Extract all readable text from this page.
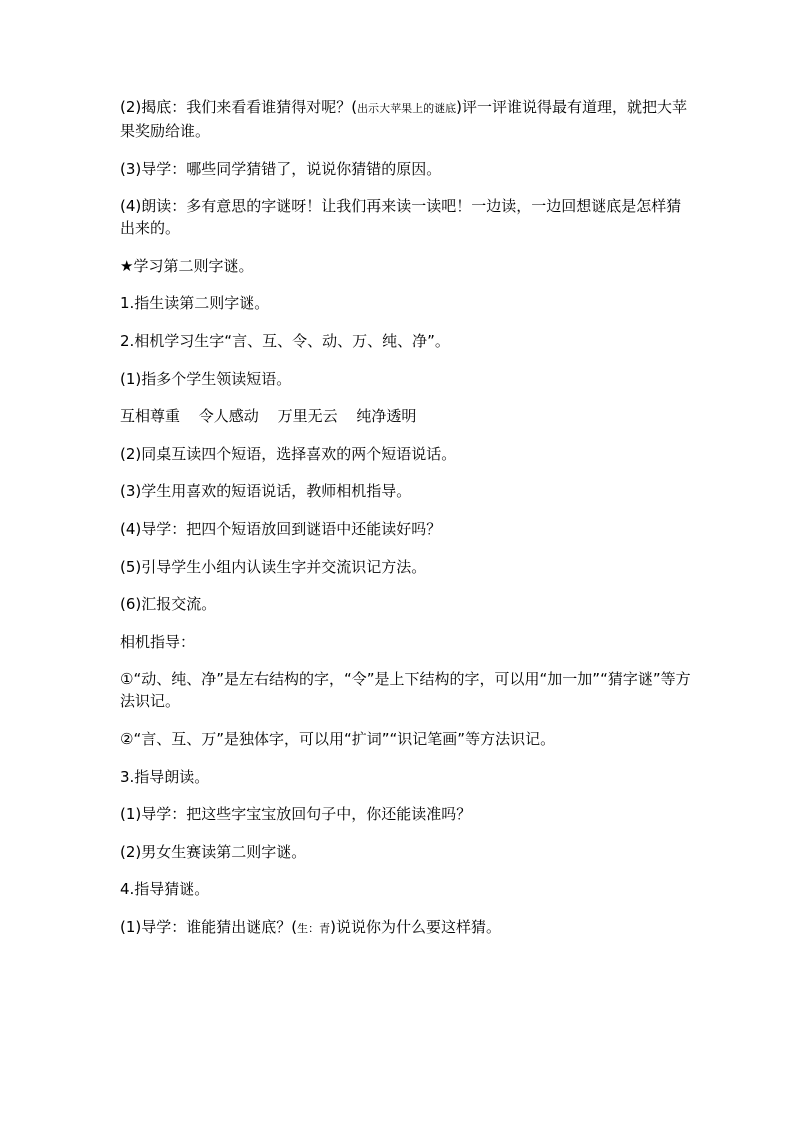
(2)揭底：我们来看看谁猜得对呢？(出示大苹果上的谜底)评一评谁说得最有道理，就把大苹果奖励给谁。

(3)导学：哪些同学猜错了，说说你猜错的原因。

(4)朗读：多有意思的字谜呀！让我们再来读一读吧！一边读，一边回想谜底是怎样猜出来的。

★学习第二则字谜。

1.指生读第二则字谜。

2.相机学习生字“言、互、令、动、万、纯、净”。

(1)指多个学生领读短语。

互相尊重 令人感动 万里无云 纯净透明

(2)同桌互读四个短语，选择喜欢的两个短语说话。

(3)学生用喜欢的短语说话，教师相机指导。

(4)导学：把四个短语放回到谜语中还能读好吗？

(5)引导学生小组内认读生字并交流识记方法。

(6)汇报交流。

相机指导：

①“动、纯、净”是左右结构的字，“令”是上下结构的字，可以用“加一加”“猜字谜”等方法识记。

②“言、互、万”是独体字，可以用“扩词”“识记笔画”等方法识记。

3.指导朗读。

(1)导学：把这些字宝宝放回句子中，你还能读准吗？

(2)男女生赛读第二则字谜。

4.指导猜谜。

(1)导学：谁能猜出谜底？(生：青)说说你为什么要这样猜。
